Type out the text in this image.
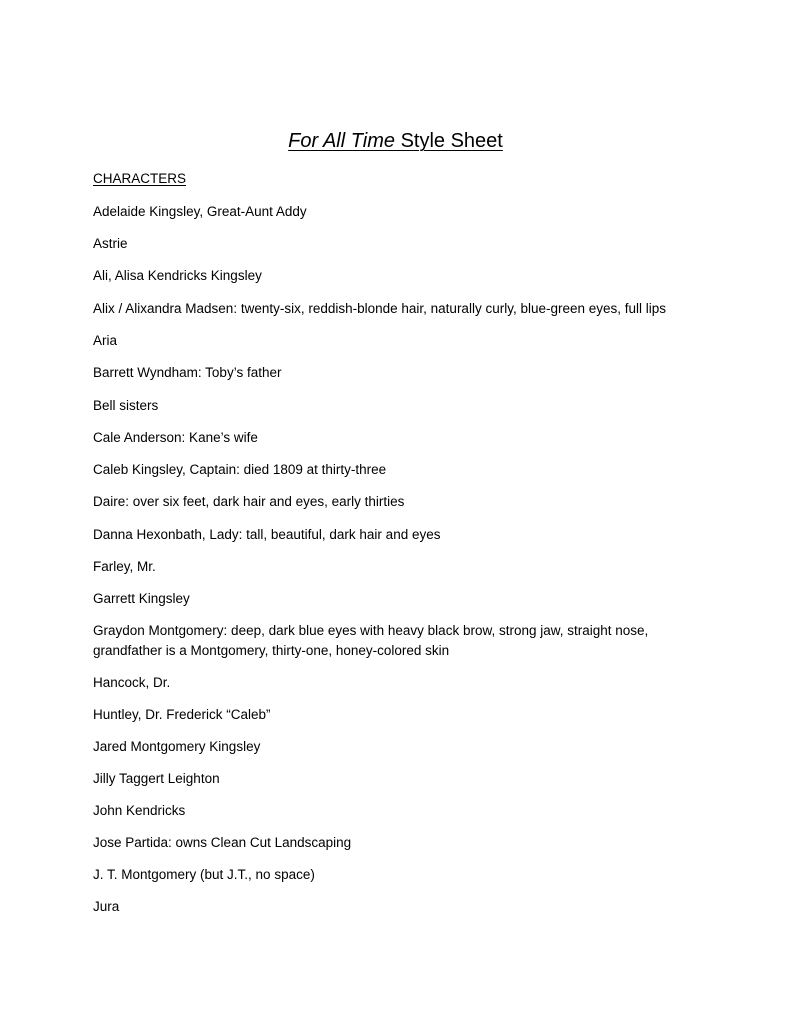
For All Time Style Sheet
CHARACTERS
Adelaide Kingsley, Great-Aunt Addy
Astrie
Ali, Alisa Kendricks Kingsley
Alix / Alixandra Madsen: twenty-six, reddish-blonde hair, naturally curly, blue-green eyes, full lips
Aria
Barrett Wyndham: Toby’s father
Bell sisters
Cale Anderson: Kane’s wife
Caleb Kingsley, Captain: died 1809 at thirty-three
Daire: over six feet, dark hair and eyes, early thirties
Danna Hexonbath, Lady: tall, beautiful, dark hair and eyes
Farley, Mr.
Garrett Kingsley
Graydon Montgomery: deep, dark blue eyes with heavy black brow, strong jaw, straight nose,
grandfather is a Montgomery, thirty-one, honey-colored skin
Hancock, Dr.
Huntley, Dr. Frederick “Caleb”
Jared Montgomery Kingsley
Jilly Taggert Leighton
John Kendricks
Jose Partida: owns Clean Cut Landscaping
J. T. Montgomery (but J.T., no space)
Jura
